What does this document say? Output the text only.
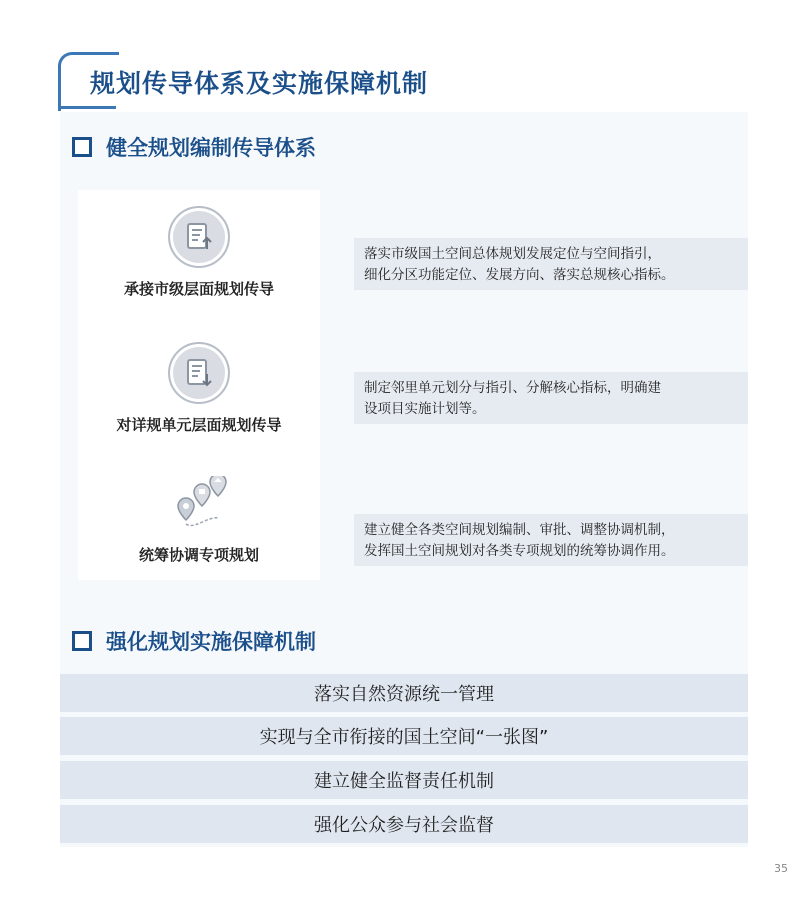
规划传导体系及实施保障机制
健全规划编制传导体系
承接市级层面规划传导
落实市级国土空间总体规划发展定位与空间指引，
细化分区功能定位、发展方向、落实总规核心指标。
对详规单元层面规划传导
制定邻里单元划分与指引、分解核心指标，明确建
设项目实施计划等。
统筹协调专项规划
建立健全各类空间规划编制、审批、调整协调机制，
发挥国土空间规划对各类专项规划的统筹协调作用。
强化规划实施保障机制
落实自然资源统一管理
实现与全市衔接的国土空间“一张图”
建立健全监督责任机制
强化公众参与社会监督
35
